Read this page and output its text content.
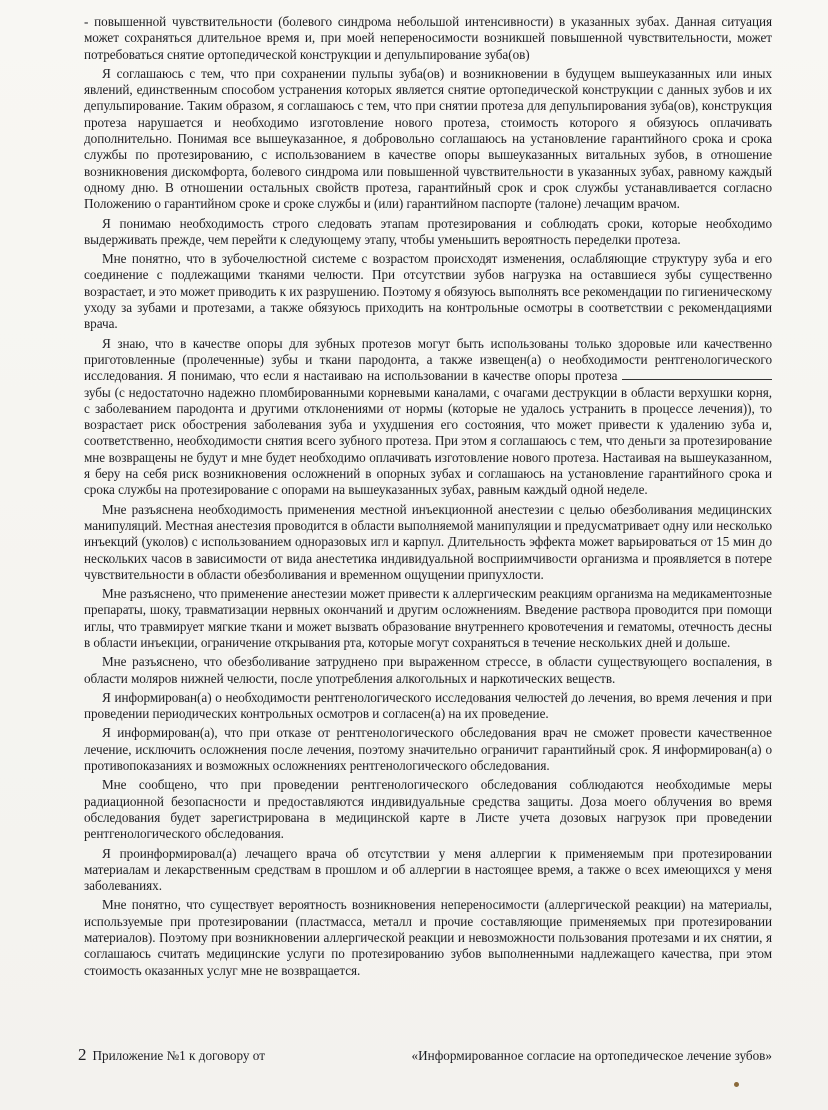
- повышенной чувствительности (болевого синдрома небольшой интенсивности) в указанных зубах. Данная ситуация может сохраняться длительное время и, при моей непереносимости возникшей повышенной чувствительности, может потребоваться снятие ортопедической конструкции и депульпирование зуба(ов)

Я соглашаюсь с тем, что при сохранении пульпы зуба(ов) и возникновении в будущем вышеуказанных или иных явлений, единственным способом устранения которых является снятие ортопедической конструкции с данных зубов и их депульпирование. Таким образом, я соглашаюсь с тем, что при снятии протеза для депульпирования зуба(ов), конструкция протеза нарушается и необходимо изготовление нового протеза, стоимость которого я обязуюсь оплачивать дополнительно. Понимая все вышеуказанное, я добровольно соглашаюсь на установление гарантийного срока и срока службы по протезированию, с использованием в качестве опоры вышеуказанных витальных зубов, в отношение возникновения дискомфорта, болевого синдрома или повышенной чувствительности в указанных зубах, равному каждый одному дню. В отношении остальных свойств протеза, гарантийный срок и срок службы устанавливается согласно Положению о гарантийном сроке и сроке службы и (или) гарантийном паспорте (талоне) лечащим врачом.

Я понимаю необходимость строго следовать этапам протезирования и соблюдать сроки, которые необходимо выдерживать прежде, чем перейти к следующему этапу, чтобы уменьшить вероятность переделки протеза.

Мне понятно, что в зубочелюстной системе с возрастом происходят изменения, ослабляющие структуру зуба и его соединение с подлежащими тканями челюсти. При отсутствии зубов нагрузка на оставшиеся зубы существенно возрастает, и это может приводить к их разрушению. Поэтому я обязуюсь выполнять все рекомендации по гигиеническому уходу за зубами и протезами, а также обязуюсь приходить на контрольные осмотры в соответствии с рекомендациями врача.

Я знаю, что в качестве опоры для зубных протезов могут быть использованы только здоровые или качественно приготовленные (пролеченные) зубы и ткани пародонта, а также извещен(а) о необходимости рентгенологического исследования. Я понимаю, что если я настаиваю на использовании в качестве опоры протеза  зубы (с недостаточно надежно пломбированными корневыми каналами, с очагами деструкции в области верхушки корня, с заболеванием пародонта и другими отклонениями от нормы (которые не удалось устранить в процессе лечения)), то возрастает риск обострения заболевания зуба и ухудшения его состояния, что может привести к удалению зуба и, соответственно, необходимости снятия всего зубного протеза. При этом я соглашаюсь с тем, что деньги за протезирование мне возвращены не будут и мне будет необходимо оплачивать изготовление нового протеза. Настаивая на вышеуказанном, я беру на себя риск возникновения осложнений в опорных зубах и соглашаюсь на установление гарантийного срока и срока службы на протезирование с опорами на вышеуказанных зубах, равным каждый одной неделе.

Мне разъяснена необходимость применения местной инъекционной анестезии с целью обезболивания медицинских манипуляций. Местная анестезия проводится в области выполняемой манипуляции и предусматривает одну или несколько инъекций (уколов) с использованием одноразовых игл и карпул. Длительность эффекта может варьироваться от 15 мин до нескольких часов в зависимости от вида анестетика индивидуальной восприимчивости организма и проявляется в потере чувствительности в области обезболивания и временном ощущении припухлости.

Мне разъяснено, что применение анестезии может привести к аллергическим реакциям организма на медикаментозные препараты, шоку, травматизации нервных окончаний и другим осложнениям. Введение раствора проводится при помощи иглы, что травмирует мягкие ткани и может вызвать образование внутреннего кровотечения и гематомы, отечность десны в области инъекции, ограничение открывания рта, которые могут сохраняться в течение нескольких дней и дольше.

Мне разъяснено, что обезболивание затруднено при выраженном стрессе, в области существующего воспаления, в области моляров нижней челюсти, после употребления алкогольных и наркотических веществ.

Я информирован(а) о необходимости рентгенологического исследования челюстей до лечения, во время лечения и при проведении периодических контрольных осмотров и согласен(а) на их проведение.

Я информирован(а), что при отказе от рентгенологического обследования врач не сможет провести качественное лечение, исключить осложнения после лечения, поэтому значительно ограничит гарантийный срок. Я информирован(а) о противопоказаниях и возможных осложнениях рентгенологического обследования.

Мне сообщено, что при проведении рентгенологического обследования соблюдаются необходимые меры радиационной безопасности и предоставляются индивидуальные средства защиты. Доза моего облучения во время обследования будет зарегистрирована в медицинской карте в Листе учета дозовых нагрузок при проведении рентгенологического обследования.

Я проинформировал(а) лечащего врача об отсутствии у меня аллергии к применяемым при протезировании материалам и лекарственным средствам в прошлом и об аллергии в настоящее время, а также о всех имеющихся у меня заболеваниях.

Мне понятно, что существует вероятность возникновения непереносимости (аллергической реакции) на материалы, используемые при протезировании (пластмасса, металл и прочие составляющие применяемых при протезировании материалов). Поэтому при возникновении аллергической реакции и невозможности пользования протезами и их снятии, я соглашаюсь считать медицинские услуги по протезированию зубов выполненными надлежащего качества, при этом стоимость оказанных услуг мне не возвращается.

2 Приложение №1 к договору от	«Информированное согласие на ортопедическое лечение зубов»
